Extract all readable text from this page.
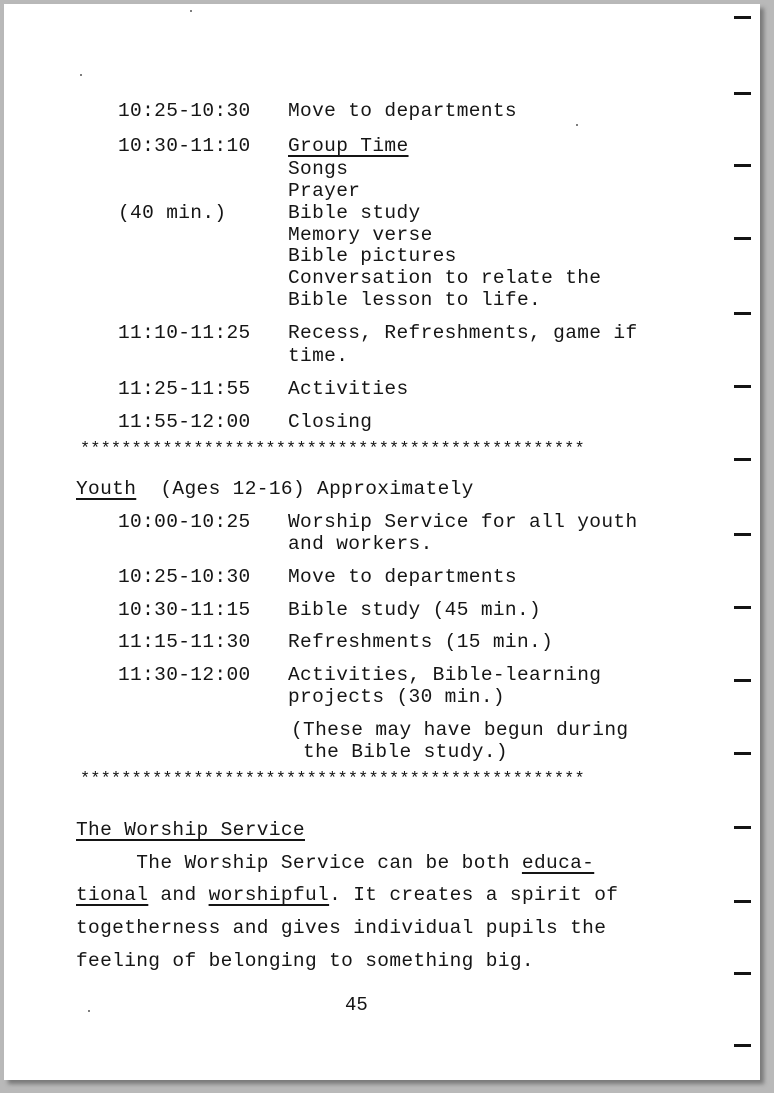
10:25-10:30 Move to departments
10:30-11:10 Group Time
Songs
Prayer
(40 min.)	Bible study
Memory verse
Bible pictures
Conversation to relate the
Bible lesson to life.
11:10-11:25 Recess, Refreshments, game if
time.
11:25-11:55 Activities
11:55-12:00 Closing
*************************************************
Youth  (Ages 12-16) Approximately
10:00-10:25 Worship Service for all youth
and workers.
10:25-10:30 Move to departments
10:30-11:15 Bible study (45 min.)
11:15-11:30 Refreshments (15 min.)
11:30-12:00 Activities, Bible-learning
projects (30 min.)
(These may have begun during
the Bible study.)
*************************************************
The Worship Service
The Worship Service can be both educa-
tional and worshipful. It creates a spirit of
togetherness and gives individual pupils the
feeling of belonging to something big.
45
